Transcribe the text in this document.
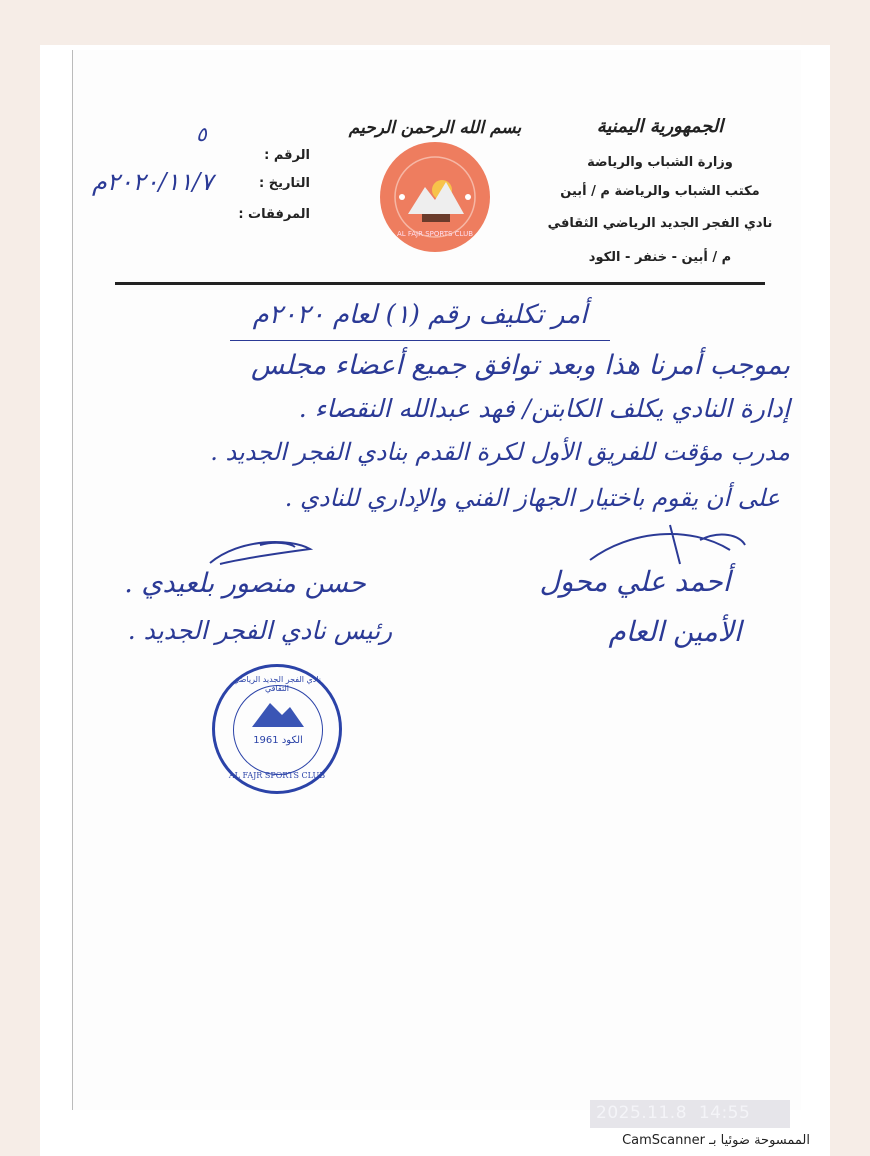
الجمهورية اليمنية
وزارة الشباب والرياضة
مكتب الشباب والرياضة م / أبين
نادي الفجر الجديد الرياضي الثقافي
م / أبين - خنفر - الكود
بسم الله الرحمن الرحيم
AL FAJR SPORTS CLUB
الرقم :
٥
التاريخ :
٢٠٢٠/١١/٧م
المرفقات :
أمر تكليف رقم (١) لعام ٢٠٢٠م
بموجب أمرنا هذا وبعد توافق جميع أعضاء مجلس
إدارة النادي يكلف الكابتن/ فهد عبدالله النقصاء .
مدرب مؤقت للفريق الأول لكرة القدم بنادي الفجر الجديد .
على أن يقوم باختيار الجهاز الفني والإداري للنادي .
أحمد علي محول
الأمين العام
حسن منصور بلعيدي .
رئيس نادي الفجر الجديد .
نادي الفجر الجديد الرياضي الثقافي
الكود 1961
AL FAJR SPORTS CLUB
2025.11.8  14:55
الممسوحة ضوئيا بـ CamScanner
